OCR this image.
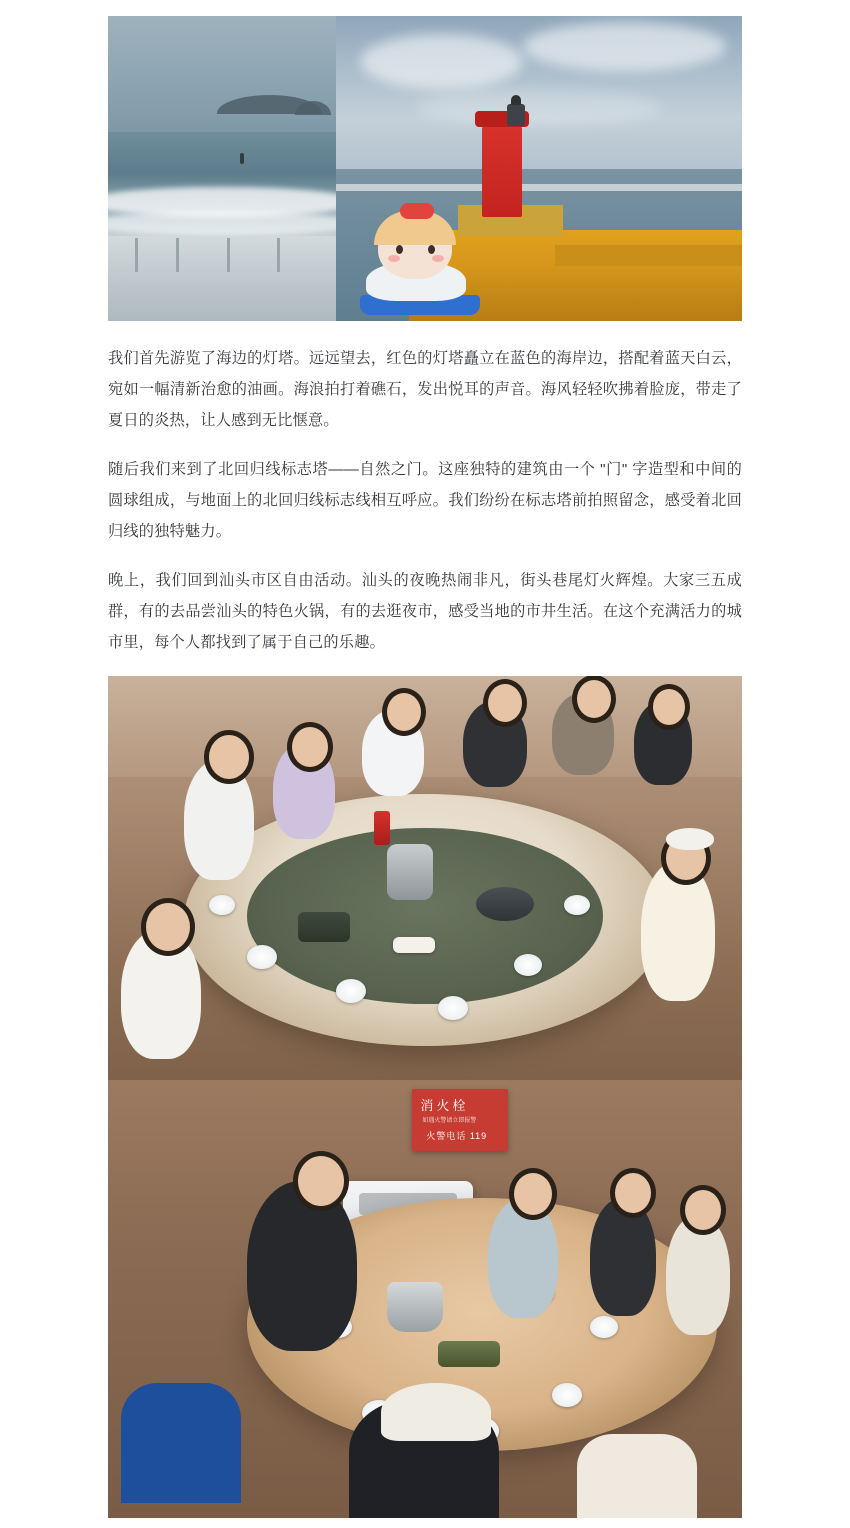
我们首先游览了海边的灯塔。远远望去，红色的灯塔矗立在蓝色的海岸边，搭配着蓝天白云，宛如一幅清新治愈的油画。海浪拍打着礁石，发出悦耳的声音。海风轻轻吹拂着脸庞，带走了夏日的炎热，让人感到无比惬意。

随后我们来到了北回归线标志塔——自然之门。这座独特的建筑由一个 "门" 字造型和中间的圆球组成，与地面上的北回归线标志线相互呼应。我们纷纷在标志塔前拍照留念，感受着北回归线的独特魅力。

晚上，我们回到汕头市区自由活动。汕头的夜晚热闹非凡，街头巷尾灯火辉煌。大家三五成群，有的去品尝汕头的特色火锅，有的去逛夜市，感受当地的市井生活。在这个充满活力的城市里，每个人都找到了属于自己的乐趣。

消火栓
如遇火警请立即报警
火警电话 119
